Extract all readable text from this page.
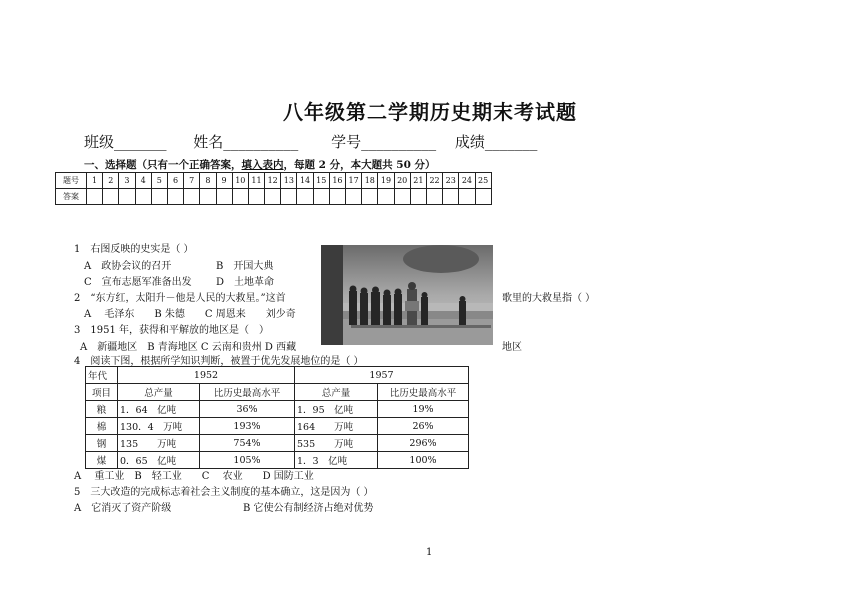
八年级第二学期历史期末考试题
班级_______ 姓名__________ 学号__________ 成绩_______
一、选择题（只有一个正确答案，填入表内，每题 2 分，本大题共 50 分）
题号	1	2	3	4	5	6	7	8	9	10	11	12	13	14	15	16	17	18	19	20	21	22	23	24	25
答案																									
1　右图反映的史实是（ ）
A　政协会议的召开	B　开国大典
C　宣布志愿军准备出发 D　土地革命
2　“东方红，太阳升－他是人民的大救星。”这首	歌里的大救星指（ ）
A　 毛泽东　　B 朱德　　C 周恩来　　刘少奇
3　1951 年，获得和平解放的地区是（　）
A　新疆地区　B 青海地区 C 云南和贵州 D 西藏	地区
4　阅读下图，根据所学知识判断，被置于优先发展地位的是（ ）
年代	1952		1957	
项目	总产量	比历史最高水平	总产量	比历史最高水平
粮	1．64　亿吨	36%	1．95　亿吨	19%
棉	130．4　万吨	193%	164　　万吨	26%
钢	135　　万吨	754%	535　　万吨	296%
煤	0．65　亿吨	105%	1．3　亿吨	100%
A　 重工业　B　轻工业　　C　 农业　　D 国防工业
5　三大改造的完成标志着社会主义制度的基本确立，这是因为（ ）
A　它消灭了资产阶级	B 它使公有制经济占绝对优势
1
